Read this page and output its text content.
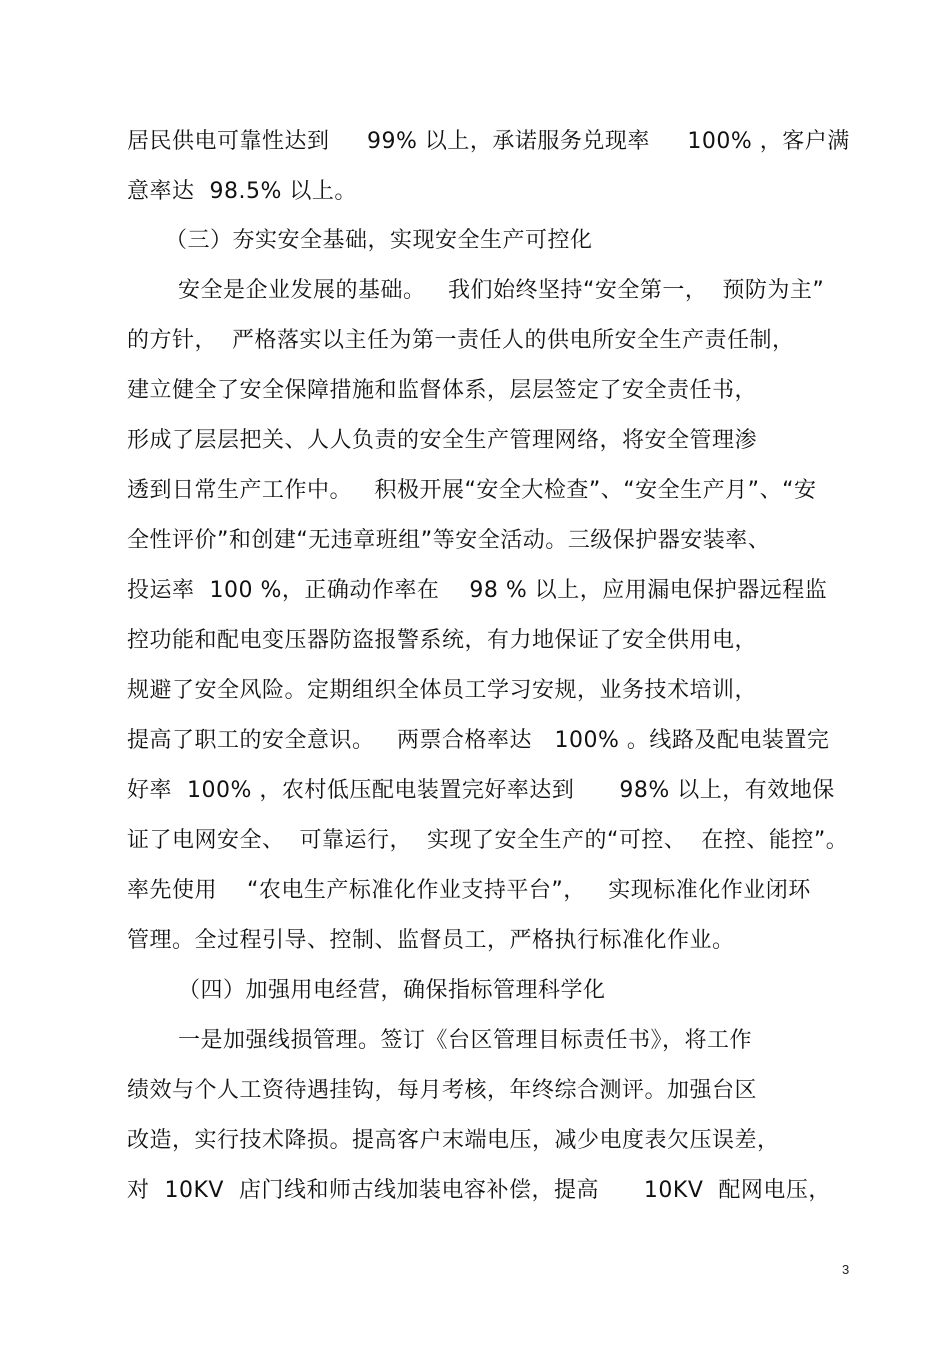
居民供电可靠性达到     99% 以上，承诺服务兑现率     100% ，客户满
意率达  98.5% 以上。
（三）夯实安全基础，实现安全生产可控化
安全是企业发展的基础。   我们始终坚持“安全第一，  预防为主”
的方针，  严格落实以主任为第一责任人的供电所安全生产责任制，
建立健全了安全保障措施和监督体系，层层签定了安全责任书，
形成了层层把关、人人负责的安全生产管理网络，将安全管理渗
透到日常生产工作中。   积极开展“安全大检查”、“安全生产月”、“安
全性评价”和创建“无违章班组”等安全活动。三级保护器安装率、
投运率  100 %，正确动作率在    98 % 以上，应用漏电保护器远程监
控功能和配电变压器防盗报警系统，有力地保证了安全供用电，
规避了安全风险。定期组织全体员工学习安规，业务技术培训，
提高了职工的安全意识。   两票合格率达   100% 。线路及配电装置完
好率  100% ，农村低压配电装置完好率达到      98% 以上，有效地保
证了电网安全、  可靠运行，  实现了安全生产的“可控、  在控、能控”。
率先使用    “农电生产标准化作业支持平台”，   实现标准化作业闭环
管理。全过程引导、控制、监督员工，严格执行标准化作业。
（四）加强用电经营，确保指标管理科学化
一是加强线损管理。签订《台区管理目标责任书》，将工作
绩效与个人工资待遇挂钩，每月考核，年终综合测评。加强台区
改造，实行技术降损。提高客户末端电压，减少电度表欠压误差，
对  10KV  店门线和师古线加装电容补偿，提高      10KV  配网电压，
3
